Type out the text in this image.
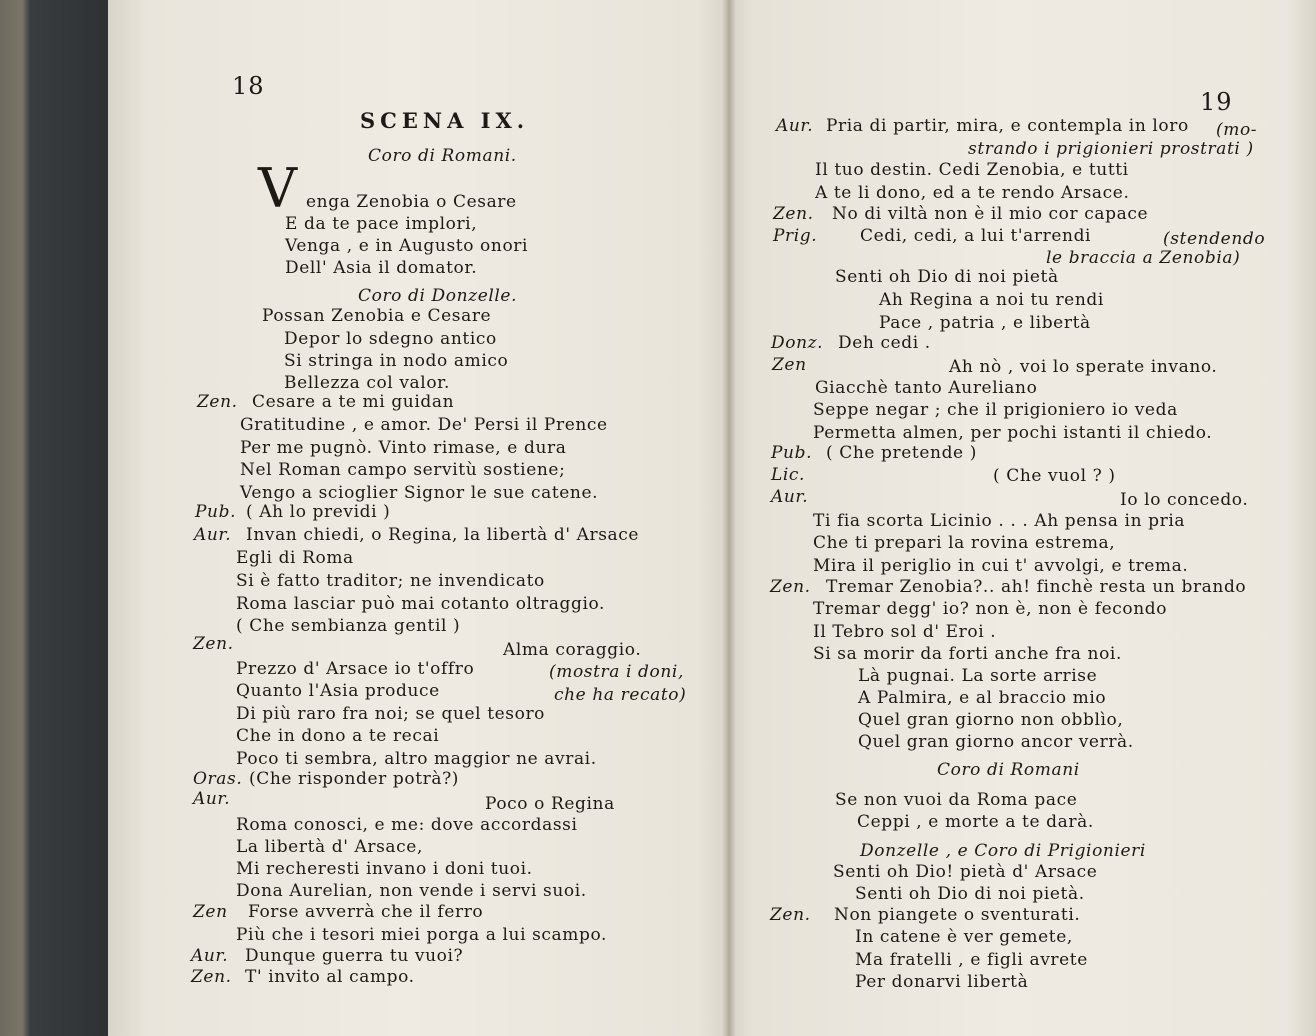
18
SCENA IX.
Coro di Romani.
V enga Zenobia o Cesare
E da te pace implori,
Venga , e in Augusto onori
Dell' Asia il domator.
Coro di Donzelle.
Possan Zenobia e Cesare
Depor lo sdegno antico
Si stringa in nodo amico
Bellezza col valor.
Zen. Cesare a te mi guidan
Gratitudine , e amor. De' Persi il Prence
Per me pugnò. Vinto rimase, e dura
Nel Roman campo servitù sostiene;
Vengo a scioglier Signor le sue catene.
Pub. ( Ah lo previdi )
Aur. Invan chiedi, o Regina, la libertà d' Arsace
Egli di Roma
Si è fatto traditor; ne invendicato
Roma lasciar può mai cotanto oltraggio.
( Che sembianza gentil )
Zen.	Alma coraggio.
Prezzo d' Arsace io t'offro	(mostra i doni,
Quanto l'Asia produce	che ha recato)
Di più raro fra noi; se quel tesoro
Che in dono a te recai
Poco ti sembra, altro maggior ne avrai.
Oras. (Che risponder potrà?)
Aur.	Poco o Regina
Roma conosci, e me: dove accordassi
La libertà d' Arsace,
Mi recheresti invano i doni tuoi.
Dona Aurelian, non vende i servi suoi.
Zen Forse avverrà che il ferro
Più che i tesori miei porga a lui scampo.
Aur. Dunque guerra tu vuoi?
Zen. T' invito al campo.
19
Aur. Pria di partir, mira, e contempla in loro (mo-
strando i prigionieri prostrati )
Il tuo destin. Cedi Zenobia, e tutti
A te li dono, ed a te rendo Arsace.
Zen. No di viltà non è il mio cor capace
Prig.	Cedi, cedi, a lui t'arrendi	(stendendo
le braccia a Zenobia)
Senti oh Dio di noi pietà
Ah Regina a noi tu rendi
Pace , patria , e libertà
Donz. Deh cedi .
Zen	Ah nò , voi lo sperate invano.
Giacchè tanto Aureliano
Seppe negar ; che il prigioniero io veda
Permetta almen, per pochi istanti il chiedo.
Pub. ( Che pretende )
Lic.	( Che vuol ? )
Aur.	Io lo concedo.
Ti fia scorta Licinio . . . Ah pensa in pria
Che ti prepari la rovina estrema,
Mira il periglio in cui t' avvolgi, e trema.
Zen. Tremar Zenobia?.. ah! finchè resta un brando
Tremar degg' io? non è, non è fecondo
Il Tebro sol d' Eroi .
Si sa morir da forti anche fra noi.
Là pugnai. La sorte arrise
A Palmira, e al braccio mio
Quel gran giorno non obblìo,
Quel gran giorno ancor verrà.
Coro di Romani
Se non vuoi da Roma pace
Ceppi , e morte a te darà.
Donzelle , e Coro di Prigionieri
Senti oh Dio! pietà d' Arsace
Senti oh Dio di noi pietà.
Zen. Non piangete o sventurati.
In catene è ver gemete,
Ma fratelli , e figli avrete
Per donarvi libertà
